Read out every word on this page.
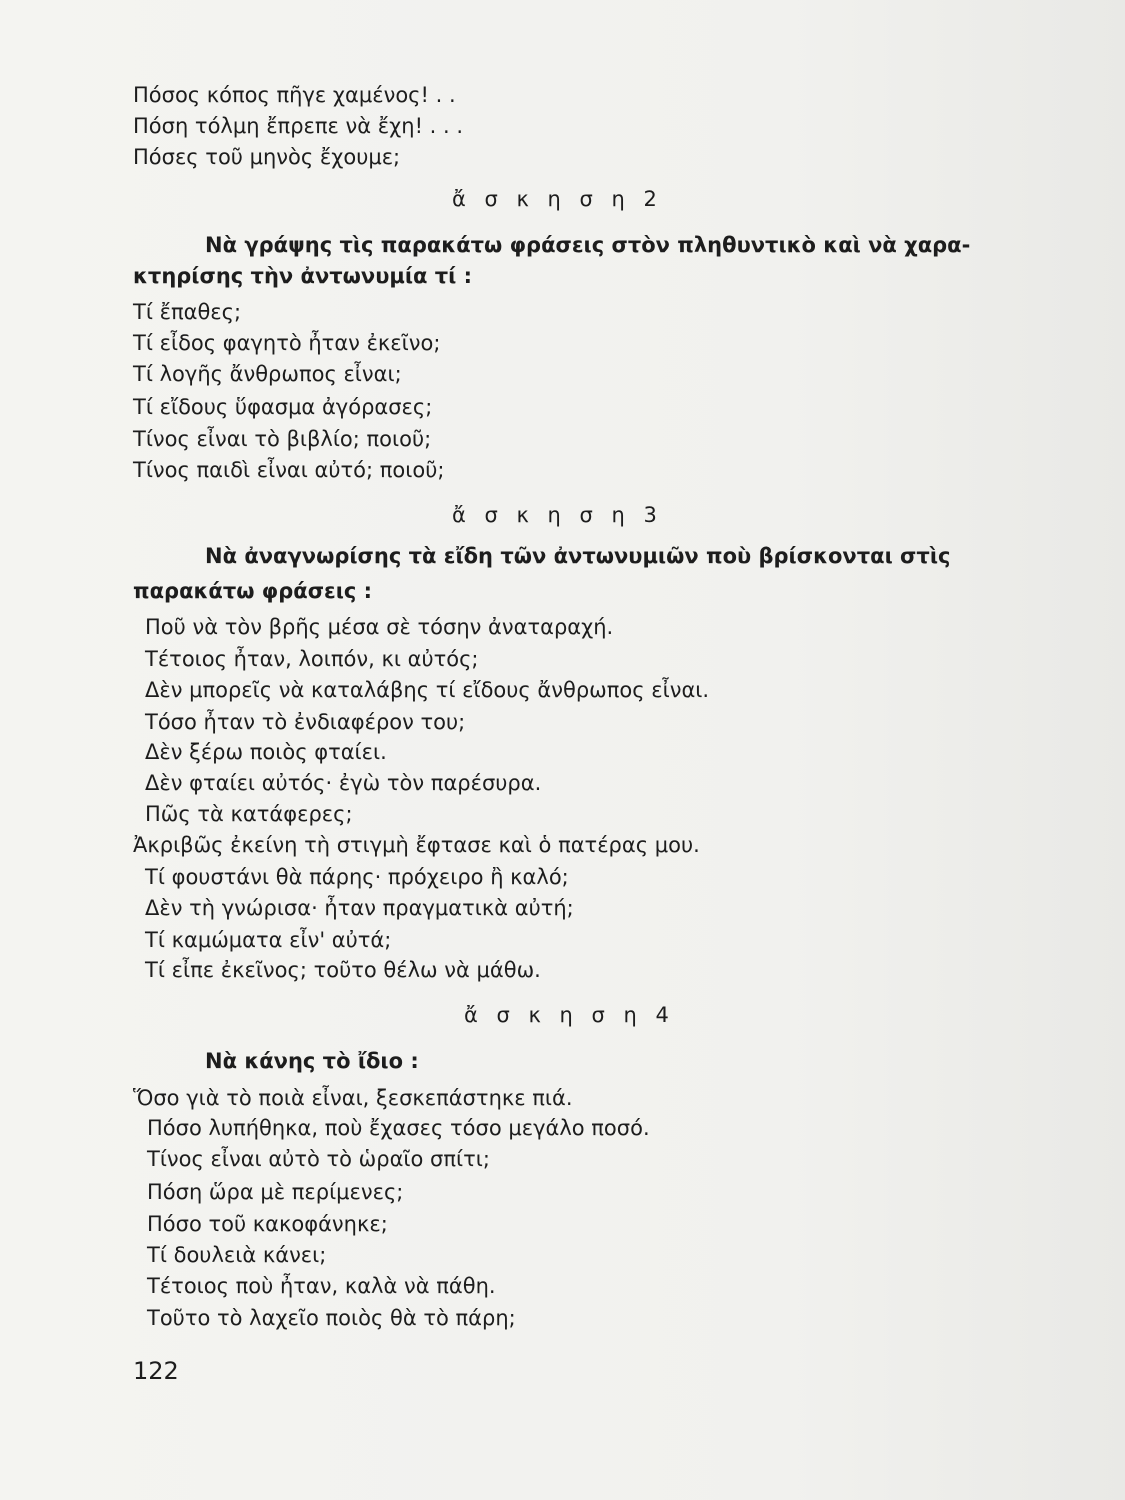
Πόσος κόπος πῆγε χαμένος! . .
Πόση τόλμη ἔπρεπε νὰ ἔχη! . . .
Πόσες τοῦ μηνὸς ἔχουμε;
ἄ σ κ η σ η 2
Νὰ γράψης τὶς παρακάτω φράσεις στὸν πληθυντικὸ καὶ νὰ χαρα-
κτηρίσης τὴν ἀντωνυμία τί :
Τί ἔπαθες;
Τί εἶδος φαγητὸ ἦταν ἐκεῖνο;
Τί λογῆς ἄνθρωπος εἶναι;
Τί εἴδους ὕφασμα ἀγόρασες;
Τίνος εἶναι τὸ βιβλίο; ποιοῦ;
Τίνος παιδὶ εἶναι αὐτό; ποιοῦ;
ἄ σ κ η σ η 3
Νὰ ἀναγνωρίσης τὰ εἴδη τῶν ἀντωνυμιῶν ποὺ βρίσκονται στὶς
παρακάτω φράσεις :
Ποῦ νὰ τὸν βρῆς μέσα σὲ τόσην ἀναταραχή.
Τέτοιος ἦταν, λοιπόν, κι αὐτός;
Δὲν μπορεῖς νὰ καταλάβης τί εἴδους ἄνθρωπος εἶναι.
Τόσο ἦταν τὸ ἐνδιαφέρον του;
Δὲν ξέρω ποιὸς φταίει.
Δὲν φταίει αὐτός· ἐγὼ τὸν παρέσυρα.
Πῶς τὰ κατάφερες;
Ἀκριβῶς ἐκείνη τὴ στιγμὴ ἔφτασε καὶ ὁ πατέρας μου.
Τί φουστάνι θὰ πάρης· πρόχειρο ἢ καλό;
Δὲν τὴ γνώρισα· ἦταν πραγματικὰ αὐτή;
Τί καμώματα εἶν' αὐτά;
Τί εἶπε ἐκεῖνος; τοῦτο θέλω νὰ μάθω.
ἄ σ κ η σ η 4
Νὰ κάνης τὸ ἴδιο :
Ὅσο γιὰ τὸ ποιὰ εἶναι, ξεσκεπάστηκε πιά.
Πόσο λυπήθηκα, ποὺ ἔχασες τόσο μεγάλο ποσό.
Τίνος εἶναι αὐτὸ τὸ ὡραῖο σπίτι;
Πόση ὥρα μὲ περίμενες;
Πόσο τοῦ κακοφάνηκε;
Τί δουλειὰ κάνει;
Τέτοιος ποὺ ἦταν, καλὰ νὰ πάθη.
Τοῦτο τὸ λαχεῖο ποιὸς θὰ τὸ πάρη;
122
